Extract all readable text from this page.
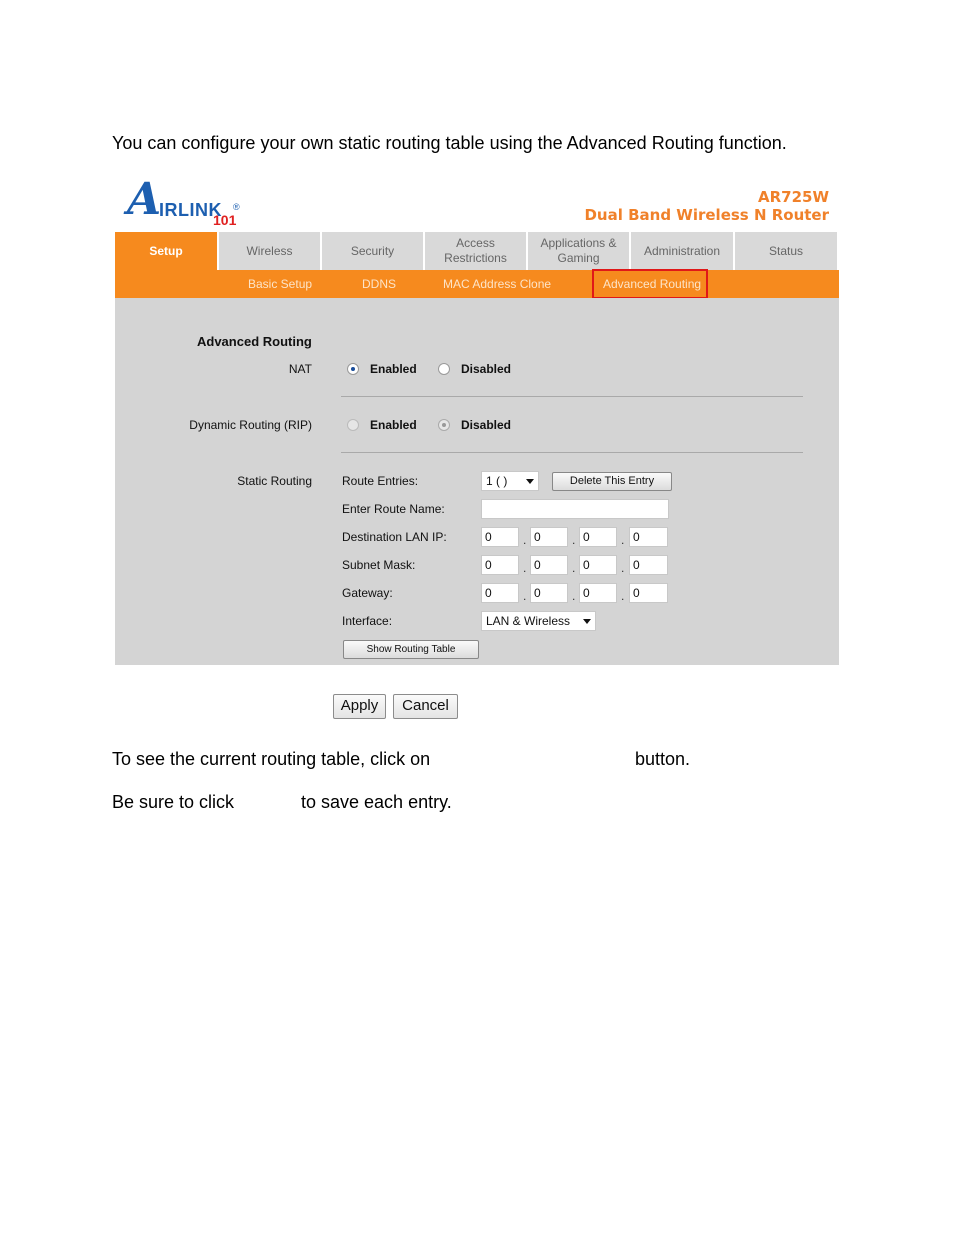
You can configure your own static routing table using the Advanced Routing function.
A
IRLINK
101
®
AR725W
Dual Band Wireless N Router
Setup	Wireless	Security
Access Restrictions
Applications & Gaming
Administration	Status
Basic Setup	DDNS	MAC Address Clone	Advanced Routing
Advanced Routing
NAT	Enabled	Disabled
Dynamic Routing (RIP)	Enabled	Disabled
Static Routing	Route Entries:	1 ( )	Delete This Entry
Enter Route Name:
Destination LAN IP:	0	. 0	. 0	. 0
Subnet Mask:	0	. 0	. 0	. 0
Gateway:	0	. 0	. 0	. 0
Interface:	LAN & Wireless
Show Routing Table
Apply	Cancel
To see the current routing table, click on	button.
Be sure to click	to save each entry.
